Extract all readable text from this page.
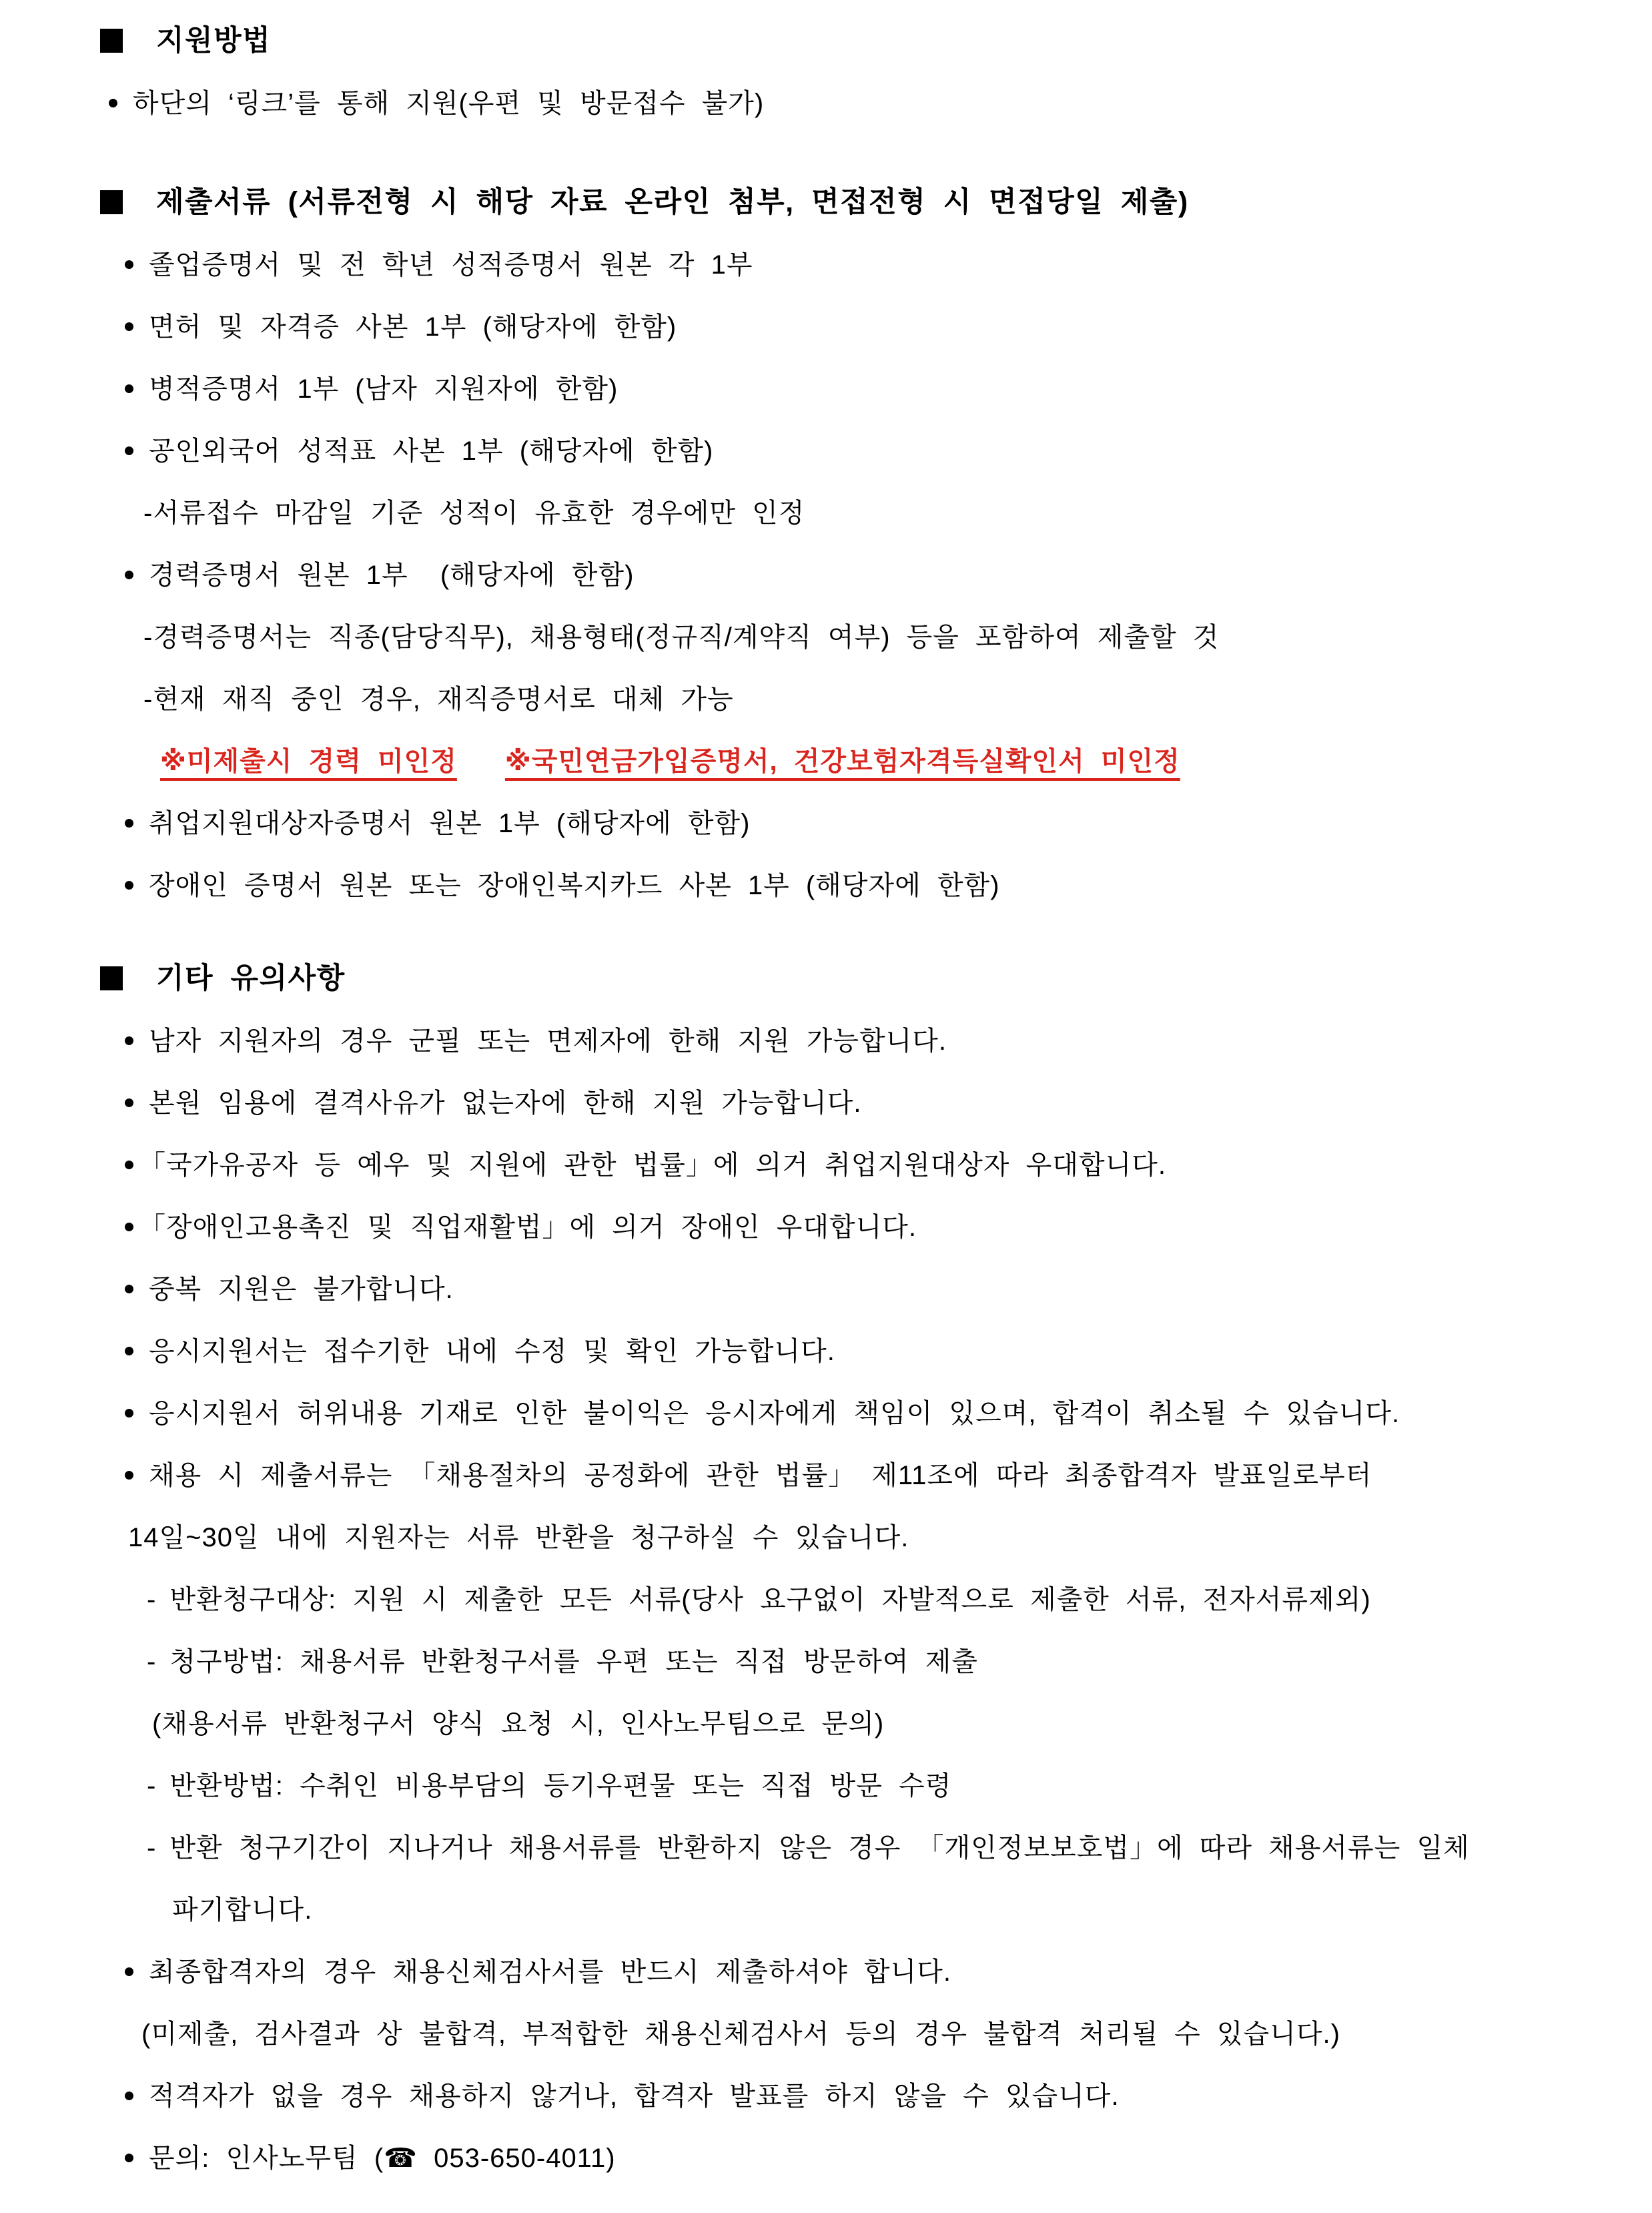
지원방법
하단의 ‘링크’를 통해 지원(우편 및 방문접수 불가)
제출서류 (서류전형 시 해당 자료 온라인 첨부, 면접전형 시 면접당일 제출)
졸업증명서 및 전 학년 성적증명서 원본 각 1부
면허 및 자격증 사본 1부 (해당자에 한함)
병적증명서 1부 (남자 지원자에 한함)
공인외국어 성적표 사본 1부 (해당자에 한함)
- 서류접수 마감일 기준 성적이 유효한 경우에만 인정
경력증명서 원본 1부  (해당자에 한함)
- 경력증명서는 직종(담당직무), 채용형태(정규직/계약직 여부) 등을 포함하여 제출할 것
- 현재 재직 중인 경우, 재직증명서로 대체 가능
※미제출시 경력 미인정 ※국민연금가입증명서, 건강보험자격득실확인서 미인정
취업지원대상자증명서 원본 1부 (해당자에 한함)
장애인 증명서 원본 또는 장애인복지카드 사본 1부 (해당자에 한함)
기타 유의사항
남자 지원자의 경우 군필 또는 면제자에 한해 지원 가능합니다.
본원 임용에 결격사유가 없는자에 한해 지원 가능합니다.
「국가유공자 등 예우 및 지원에 관한 법률」에 의거 취업지원대상자 우대합니다.
「장애인고용촉진 및 직업재활법」에 의거 장애인 우대합니다.
중복 지원은 불가합니다.
응시지원서는 접수기한 내에 수정 및 확인 가능합니다.
응시지원서 허위내용 기재로 인한 불이익은 응시자에게 책임이 있으며, 합격이 취소될 수 있습니다.
채용 시 제출서류는 「채용절차의 공정화에 관한 법률」 제11조에 따라 최종합격자 발표일로부터
14일~30일 내에 지원자는 서류 반환을 청구하실 수 있습니다.
- 반환청구대상: 지원 시 제출한 모든 서류(당사 요구없이 자발적으로 제출한 서류, 전자서류제외)
- 청구방법: 채용서류 반환청구서를 우편 또는 직접 방문하여 제출
(채용서류 반환청구서 양식 요청 시, 인사노무팀으로 문의)
- 반환방법: 수취인 비용부담의 등기우편물 또는 직접 방문 수령
- 반환 청구기간이 지나거나 채용서류를 반환하지 않은 경우 「개인정보보호법」에 따라 채용서류는 일체
파기합니다.
최종합격자의 경우 채용신체검사서를 반드시 제출하셔야 합니다.
(미제출, 검사결과 상 불합격, 부적합한 채용신체검사서 등의 경우 불합격 처리될 수 있습니다.)
적격자가 없을 경우 채용하지 않거나, 합격자 발표를 하지 않을 수 있습니다.
문의: 인사노무팀 (☎ 053-650-4011)
